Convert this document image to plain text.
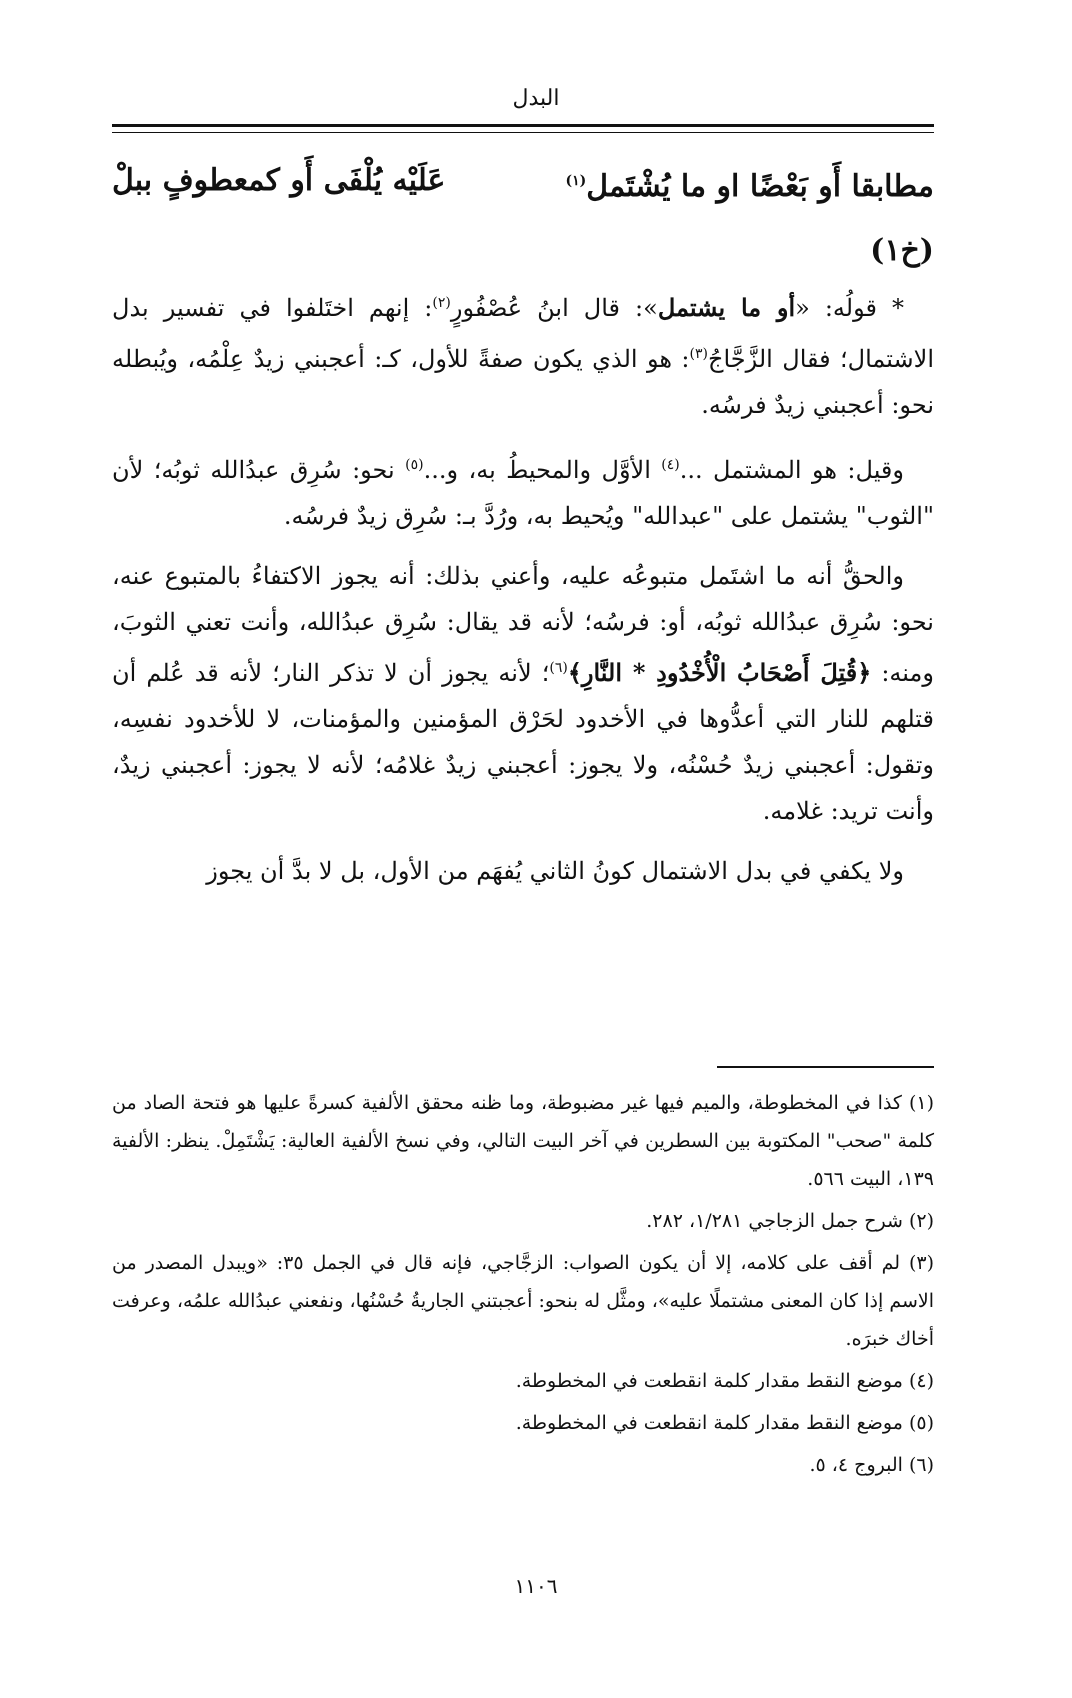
البدل
مطابقا أَو بَعْضًا او ما يُشْتَمل$^{(١)}$
عَلَيْه يُلْفَى أَو كمعطوفٍ ببلْ
(خ١)

* قولُه: «أو ما يشتمل»: قال ابنُ عُصْفُورٍ$^{(٢)}$: إنهم اختَلفوا في تفسير بدل الاشتمال؛ فقال الزَّجَّاجُ$^{(٣)}$: هو الذي يكون صفةً للأول، كـ: أعجبني زيدٌ عِلْمُه، ويُبطله نحو: أعجبني زيدٌ فرسُه.

وقيل: هو المشتمل ...$^{(٤)}$ الأوَّل والمحيطُ به، و...$^{(٥)}$ نحو: سُرِق عبدُالله ثوبُه؛ لأن "الثوب" يشتمل على "عبدالله" ويُحيط به، ورُدَّ بـ: سُرِق زيدٌ فرسُه.

والحقُّ أنه ما اشتَمل متبوعُه عليه، وأعني بذلك: أنه يجوز الاكتفاءُ بالمتبوع عنه، نحو: سُرِق عبدُالله ثوبُه، أو: فرسُه؛ لأنه قد يقال: سُرِق عبدُالله، وأنت تعني الثوبَ، ومنه: ﴿قُتِلَ أَصْحَابُ الْأُخْدُودِ * النَّارِ﴾$^{(٦)}$؛ لأنه يجوز أن لا تذكر النار؛ لأنه قد عُلم أن قتلهم للنار التي أعدُّوها في الأخدود لحَرْق المؤمنين والمؤمنات، لا للأخدود نفسِه، وتقول: أعجبني زيدٌ حُسْنُه، ولا يجوز: أعجبني زيدٌ غلامُه؛ لأنه لا يجوز: أعجبني زيدٌ، وأنت تريد: غلامه.

ولا يكفي في بدل الاشتمال كونُ الثاني يُفهَم من الأول، بل لا بدَّ أن يجوز

(١) كذا في المخطوطة، والميم فيها غير مضبوطة، وما ظنه محقق الألفية كسرةً عليها هو فتحة الصاد من كلمة "صحب" المكتوبة بين السطرين في آخر البيت التالي، وفي نسخ الألفية العالية: يَشْتَمِلْ. ينظر: الألفية ١٣٩، البيت ٥٦٦.

(٢) شرح جمل الزجاجي ١/٢٨١، ٢٨٢.

(٣) لم أقف على كلامه، إلا أن يكون الصواب: الزجَّاجي، فإنه قال في الجمل ٣٥: «ويبدل المصدر من الاسم إذا كان المعنى مشتملًا عليه»، ومثَّل له بنحو: أعجبتني الجاريةُ حُسْنُها، ونفعني عبدُالله علمُه، وعرفت أخاك خبرَه.

(٤) موضع النقط مقدار كلمة انقطعت في المخطوطة.

(٥) موضع النقط مقدار كلمة انقطعت في المخطوطة.

(٦) البروج ٤، ٥.

١١٠٦
